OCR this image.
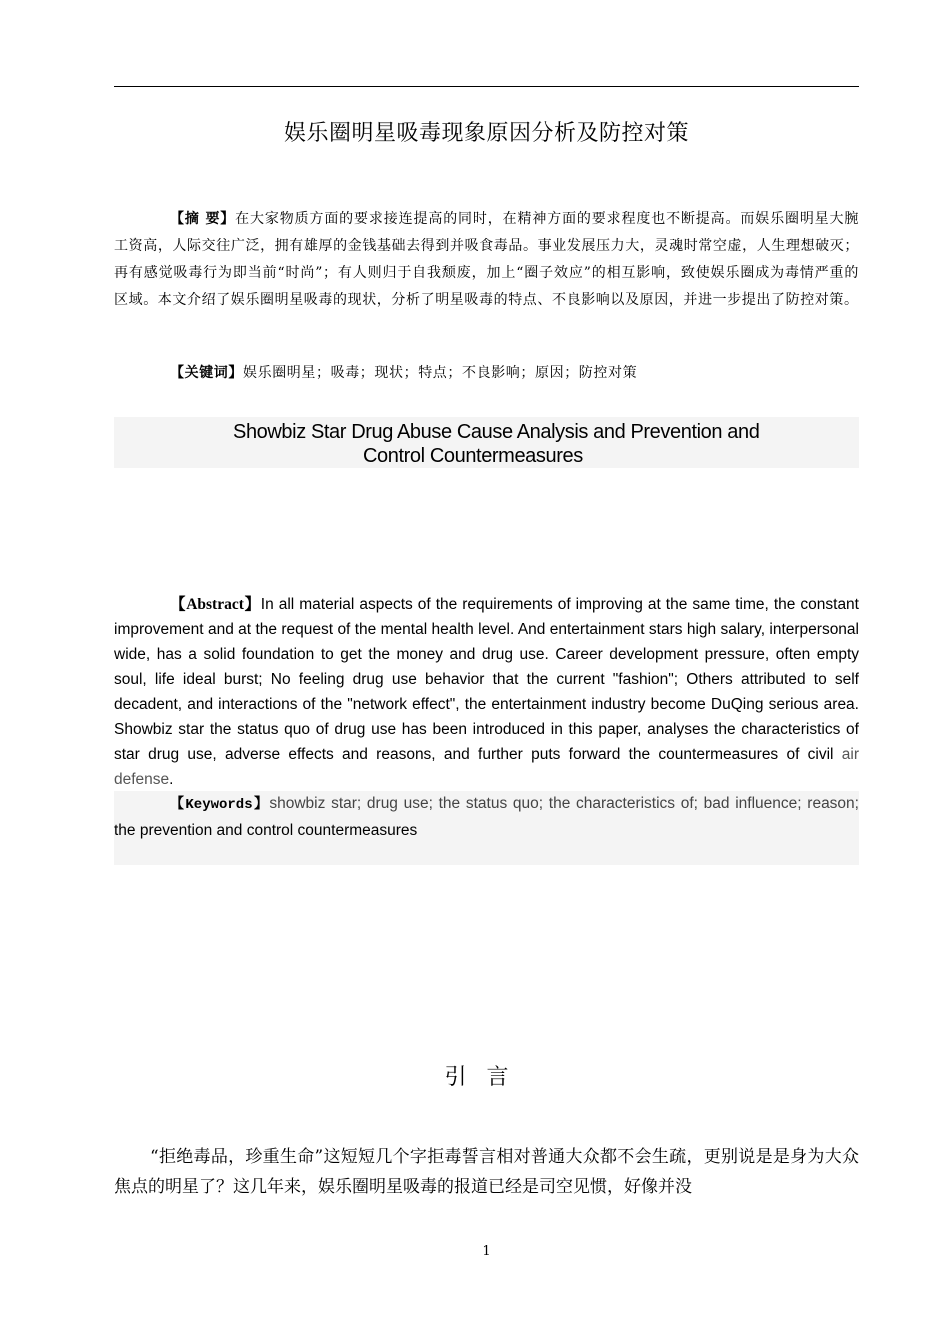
娱乐圈明星吸毒现象原因分析及防控对策

【摘 要】在大家物质方面的要求接连提高的同时，在精神方面的要求程度也不断提高。而娱乐圈明星大腕工资高，人际交往广泛，拥有雄厚的金钱基础去得到并吸食毒品。事业发展压力大，灵魂时常空虚，人生理想破灭；再有感觉吸毒行为即当前“时尚”；有人则归于自我颓废，加上“圈子效应”的相互影响，致使娱乐圈成为毒情严重的区域。本文介绍了娱乐圈明星吸毒的现状，分析了明星吸毒的特点、不良影响以及原因，并进一步提出了防控对策。

【关键词】娱乐圈明星；吸毒；现状；特点；不良影响；原因；防控对策
Showbiz Star Drug Abuse Cause Analysis and Prevention and
Control Countermeasures

【Abstract】In all material aspects of the requirements of improving at the same time, the constant improvement and at the request of the mental health level. And entertainment stars high salary, interpersonal wide, has a solid foundation to get the money and drug use. Career development pressure, often empty soul, life ideal burst; No feeling drug use behavior that the current "fashion"; Others attributed to self decadent, and interactions of the "network effect", the entertainment industry become DuQing serious area. Showbiz star the status quo of drug use has been introduced in this paper, analyses the characteristics of star drug use, adverse effects and reasons, and further puts forward the countermeasures of civil air defense.

【Keywords】showbiz star; drug use; the status quo; the characteristics of; bad influence; reason; the prevention and control countermeasures

引言

“拒绝毒品，珍重生命”这短短几个字拒毒誓言相对普通大众都不会生疏，更别说是是身为大众焦点的明星了？这几年来，娱乐圈明星吸毒的报道已经是司空见惯，好像并没

1
